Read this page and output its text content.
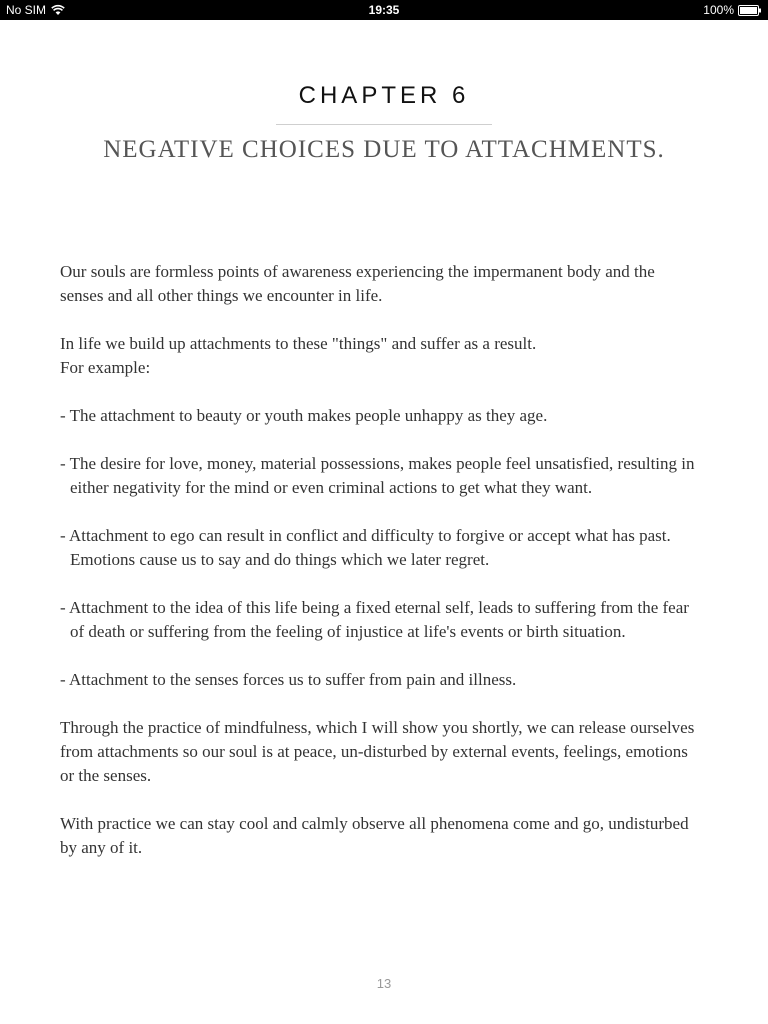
No SIM	19:35	100%
CHAPTER 6
NEGATIVE CHOICES DUE TO ATTACHMENTS.

Our souls are formless points of awareness experiencing the impermanent body and the senses and all other things we encounter in life.

In life we build up attachments to these "things" and suffer as a result.

For example:

- The attachment to beauty or youth makes people unhappy as they age.

- The desire for love, money, material possessions, makes people feel unsatisfied, resulting in either negativity for the mind or even criminal actions to get what they want.

- Attachment to ego can result in conflict and difficulty to forgive or accept what has past. Emotions cause us to say and do things which we later regret.

- Attachment to the idea of this life being a fixed eternal self, leads to suffering from the fear of death or suffering from the feeling of injustice at life's events or birth situation.

- Attachment to the senses forces us to suffer from pain and illness.

Through the practice of mindfulness, which I will show you shortly, we can release ourselves from attachments so our soul is at peace, un-disturbed by external events, feelings, emotions or the senses.

With practice we can stay cool and calmly observe all phenomena come and go, undisturbed by any of it.

13
